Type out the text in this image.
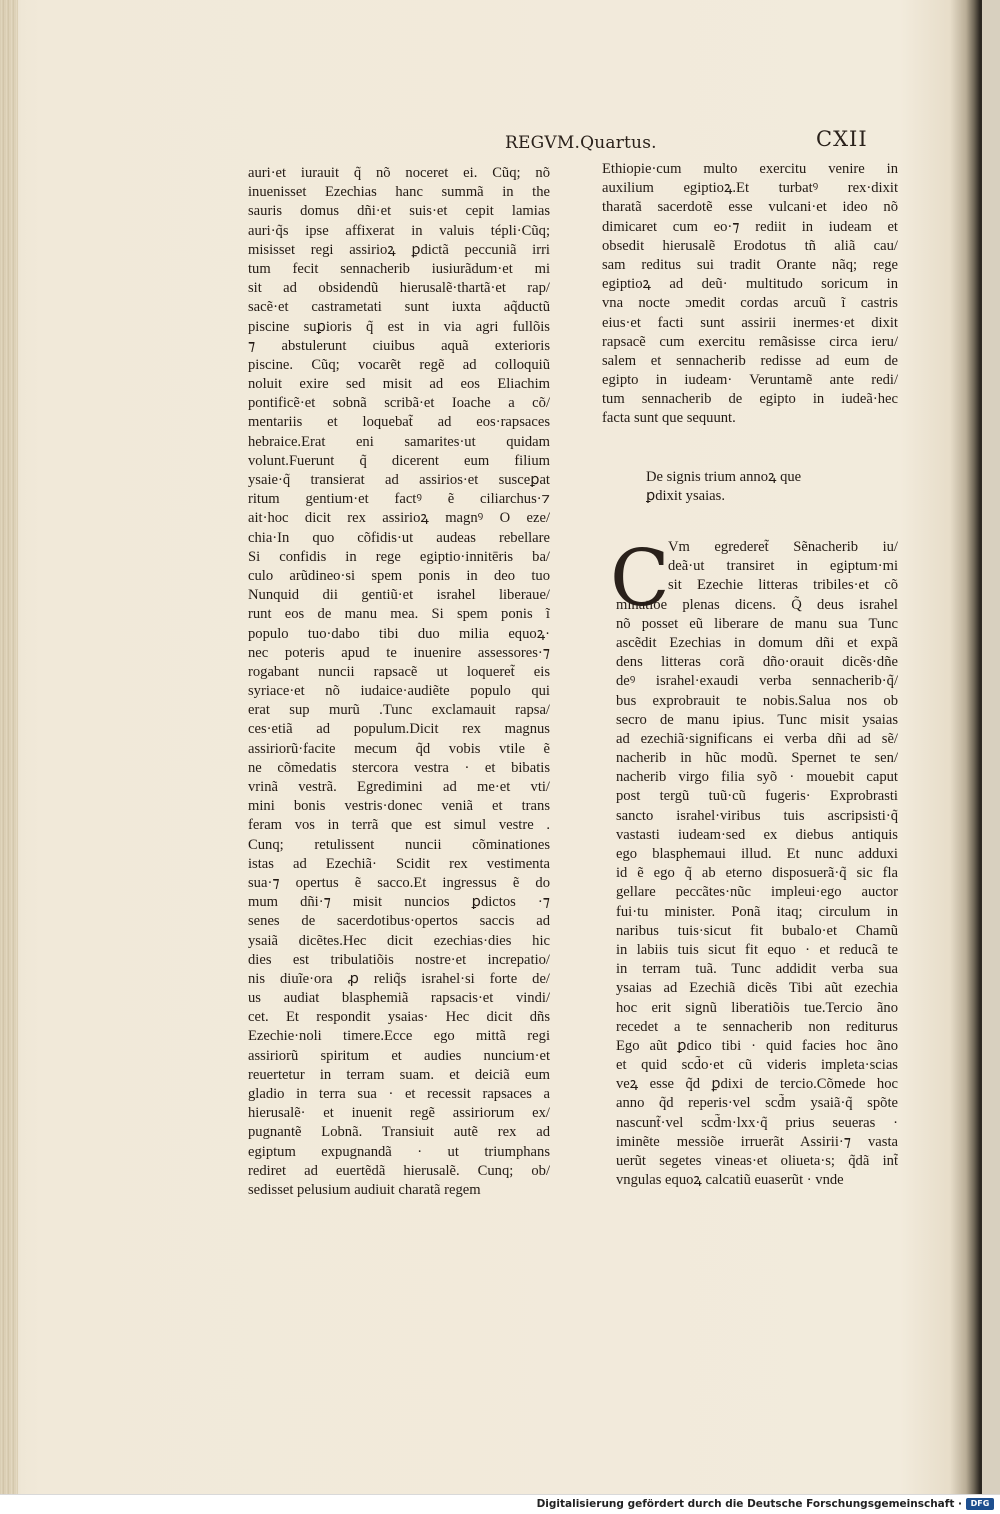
REGVM.Quartus.	CXII
auri·et iurauit q̃ nõ noceret ei. Cũq; nõ
inuenisset Ezechias hanc summã in the
sauris domus dñi·et suis·et cepit lamias
auri·q̃s ipse affixerat in valuis tépli·Cũq;
misisset regi assirioꝝ ꝑdictã peccuniã irri
tum fecit sennacherib iusiurãdum·et mi
sit ad obsidendũ hierusalẽ·thartã·et rap/
sacẽ·et castrametati sunt iuxta aq̃ductũ
piscine suꝑioris q̃ est in via agri fullõis
⁊ abstulerunt ciuibus aquã exterioris
piscine. Cũq; vocarẽt regẽ ad colloquiũ
noluit exire sed misit ad eos Eliachim
pontificẽ·et sobnã scribã·et Ioache a cõ/
mentariis et loquebat̃ ad eos·rapsaces
hebraice.Erat eni samarites·ut quidam
volunt.Fuerunt q̃ dicerent eum filium
ysaie·q̃ transierat ad assirios·et susceꝑat
ritum gentium·et factꝰ ẽ ciliarchus·⁊
ait·hoc dicit rex assirioꝝ magnꝰ O eze/
chia·In quo cõfidis·ut audeas rebellare
Si confidis in rege egiptio·innitēris ba/
culo arũdineo·si spem ponis in deo tuo
Nunquid dii gentiũ·et israhel liberaue/
runt eos de manu mea. Si spem ponis ĩ
populo tuo·dabo tibi duo milia equoꝝ·
nec poteris apud te inuenire assessores·⁊
rogabant nuncii rapsacẽ ut loqueret̃ eis
syriace·et nõ iudaice·audiẽte populo qui
erat sup murũ .Tunc exclamauit rapsa/
ces·etiã ad populum.Dicit rex magnus
assiriorũ·facite mecum q̃d vobis vtile ẽ
ne cõmedatis stercora vestra · et bibatis
vrinã vestrã. Egredimini ad me·et vti/
mini bonis vestris·donec veniã et trans
feram vos in terrã que est simul vestre .
Cunq; retulissent nuncii cõminationes
istas ad Ezechiã· Scidit rex vestimenta
sua·⁊ opertus ẽ sacco.Et ingressus ẽ do
mum dñi·⁊ misit nuncios ꝑdictos ·⁊
senes de sacerdotibus·opertos saccis ad
ysaiã dicẽtes.Hec dicit ezechias·dies hic
dies est tribulatiõis nostre·et increpatio/
nis diuĩe·ora ꝓ reliq̃s israhel·si forte de/
us audiat blasphemiã rapsacis·et vindi/
cet. Et respondit ysaias· Hec dicit dñs
Ezechie·noli timere.Ecce ego mittã regi
assiriorũ spiritum et audies nuncium·et
reuertetur in terram suam. et deiciã eum
gladio in terra sua · et recessit rapsaces a
hierusalẽ· et inuenit regẽ assiriorum ex/
pugnantẽ Lobnã. Transiuit autẽ rex ad
egiptum expugnandã · ut triumphans
rediret ad euertẽdã hierusalẽ. Cunq; ob/
sedisset pelusium audiuit charatã regem
Ethiopie·cum multo exercitu venire in
auxilium egiptioꝝ.Et turbatꝰ rex·dixit
tharatã sacerdotẽ esse vulcani·et ideo nõ
dimicaret cum eo·⁊ rediit in iudeam et
obsedit hierusalẽ Erodotus tñ aliã cau/
sam reditus sui tradit Orante nãq; rege
egiptioꝝ ad deũ· multitudo soricum in
vna nocte ɔmedit cordas arcuũ ĩ castris
eius·et facti sunt assirii inermes·et dixit
rapsacẽ cum exercitu remãsisse circa ieru/
salem et sennacherib redisse ad eum de
egipto in iudeam· Veruntamẽ ante redi/
tum sennacherib de egipto in iudeã·hec
facta sunt que sequunt.
De signis trium annoꝝ que
ꝑdixit ysaias.
C
Vm egrederet̃ Sẽnacherib iu/
deã·ut transiret in egiptum·mi
sit Ezechie litteras tribiles·et cõ
minatiõe plenas dicens. Q̃ deus israhel
nõ posset eũ liberare de manu sua Tunc
ascẽdit Ezechias in domum dñi et expã
dens litteras corã dño·orauit dicẽs·dñe
deꝰ israhel·exaudi verba sennacherib·q̃/
bus exprobrauit te nobis.Salua nos ob
secro de manu ipius. Tunc misit ysaias
ad ezechiã·significans ei verba dñi ad sẽ/
nacherib in hũc modũ. Spernet te sen/
nacherib virgo filia syõ · mouebit caput
post tergũ tuũ·cũ fugeris· Exprobrasti
sancto israhel·viribus tuis ascripsisti·q̃
vastasti iudeam·sed ex diebus antiquis
ego blasphemaui illud. Et nunc adduxi
id ẽ ego q̃ ab eterno disposuerã·q̃ sic fla
gellare peccãtes·nũc impleui·ego auctor
fui·tu minister. Ponã itaq; circulum in
naribus tuis·sicut fit bubalo·et Chamũ
in labiis tuis sicut fit equo · et reducã te
in terram tuã. Tunc addidit verba sua
ysaias ad Ezechiã dicẽs Tibi aũt ezechia
hoc erit signũ liberatiõis tue.Tercio ãno
recedet a te sennacherib non rediturus
Ego aũt ꝑdico tibi · quid facies hoc ãno
et quid scd̃o·et cũ videris impleta·scias
veꝝ esse q̃d ꝑdixi de tercio.Cõmede hoc
anno q̃d reperis·vel scd̃m ysaiã·q̃ spõte
nascunt̃·vel scd̃m·lxx·q̃ prius seueras ·
iminẽte messiõe irruerãt Assirii·⁊ vasta
uerũt segetes vineas·et oliueta·s; q̃dã int̃
vngulas equoꝝ calcatiũ euaserũt · vnde
Digitalisierung gefördert durch die Deutsche Forschungsgemeinschaft ·	DFG
